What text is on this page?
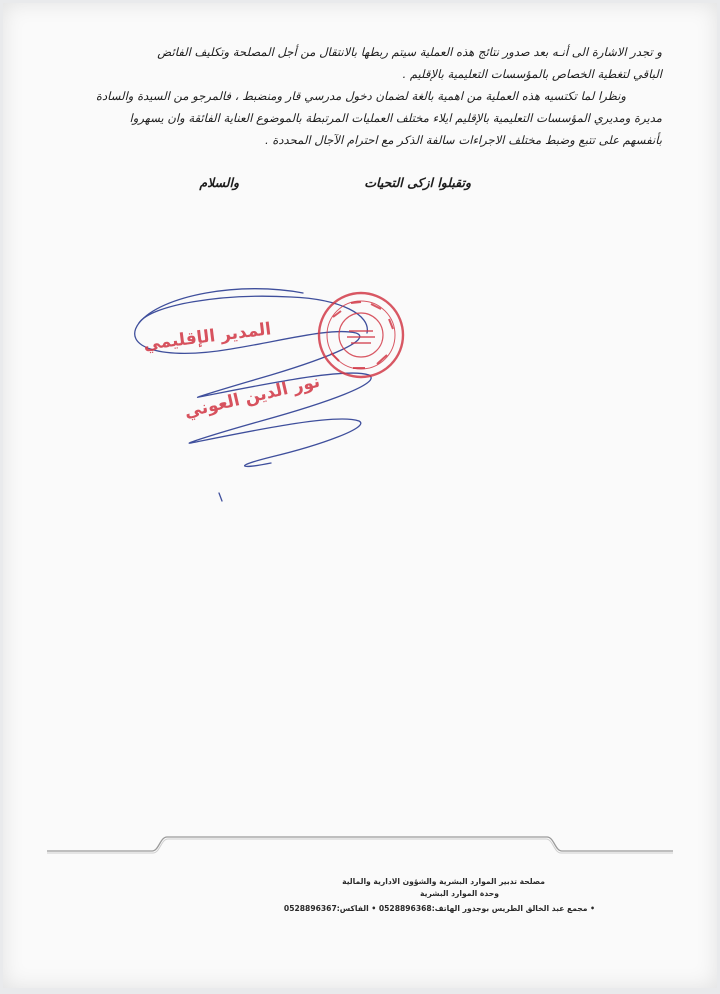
و تجدر الاشارة الى أنـه بعد صدور نتائج هذه العملية سيتم ربطها بالانتقال من أجل المصلحة وتكليف الفائض
الباقي لتغطية الخصاص بالمؤسسات التعليمية بالإقليم .

ونظرا لما تكتسيه هذه العملية من اهمية بالغة لضمان دخول مدرسي قار ومنضبط ، فالمرجو من السيدة والسادة
مديرة ومديري المؤسسات التعليمية بالإقليم ايلاء مختلف العمليات المرتبطة بالموضوع العناية الفائقة وان يسهروا
بأنفسهم على تتبع وضبط مختلف الاجراءات سالفة الذكر مع احترام الآجال المحددة .

وتقبلوا ازكى التحيات
والسلام
المدير الإقليمي
نور الدين العوني
مصلحة تدبير الموارد البشرية والشؤون الادارية والمالية
وحدة الموارد البشرية
• مجمع عبد الخالق الطريس بوجدور الهاتف:0528896368 • الفاكس:0528896367
